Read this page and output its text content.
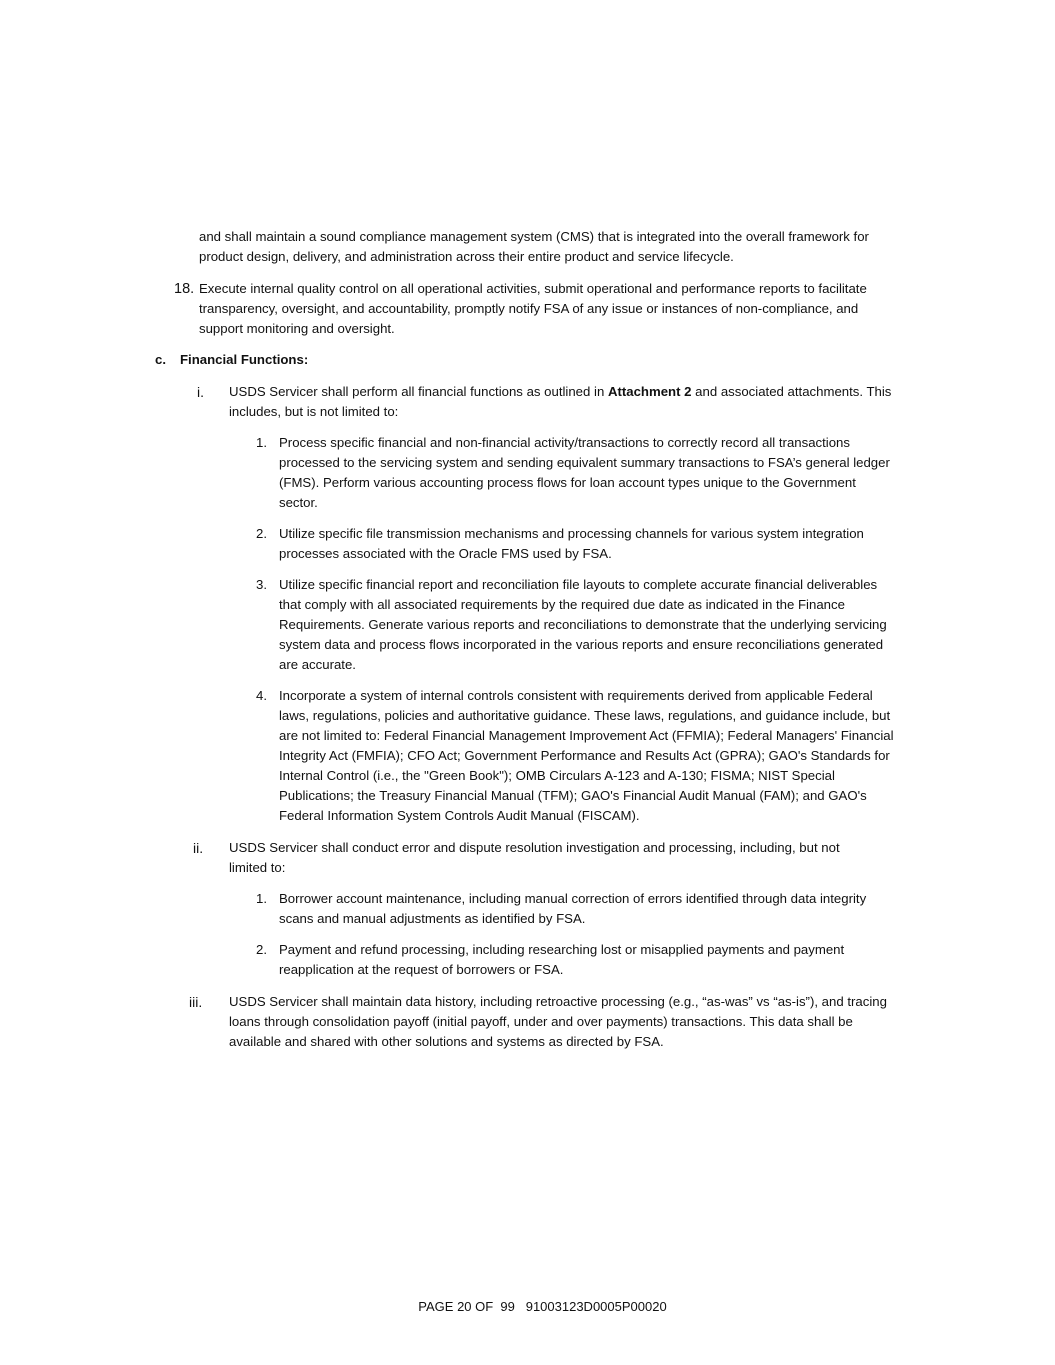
and shall maintain a sound compliance management system (CMS) that is integrated into the overall framework for product design, delivery, and administration across their entire product and service lifecycle.

18. Execute internal quality control on all operational activities, submit operational and performance reports to facilitate transparency, oversight, and accountability, promptly notify FSA of any issue or instances of non-compliance, and support monitoring and oversight.

c. Financial Functions:
i. USDS Servicer shall perform all financial functions as outlined in Attachment 2 and associated attachments. This includes, but is not limited to:

1. Process specific financial and non-financial activity/transactions to correctly record all transactions processed to the servicing system and sending equivalent summary transactions to FSA’s general ledger (FMS). Perform various accounting process flows for loan account types unique to the Government sector.

2. Utilize specific file transmission mechanisms and processing channels for various system integration processes associated with the Oracle FMS used by FSA.

3. Utilize specific financial report and reconciliation file layouts to complete accurate financial deliverables that comply with all associated requirements by the required due date as indicated in the Finance Requirements. Generate various reports and reconciliations to demonstrate that the underlying servicing system data and process flows incorporated in the various reports and ensure reconciliations generated are accurate.

4. Incorporate a system of internal controls consistent with requirements derived from applicable Federal laws, regulations, policies and authoritative guidance. These laws, regulations, and guidance include, but are not limited to: Federal Financial Management Improvement Act (FFMIA); Federal Managers' Financial Integrity Act (FMFIA); CFO Act; Government Performance and Results Act (GPRA); GAO's Standards for Internal Control (i.e., the "Green Book"); OMB Circulars A-123 and A-130; FISMA; NIST Special Publications; the Treasury Financial Manual (TFM); GAO's Financial Audit Manual (FAM); and GAO's Federal Information System Controls Audit Manual (FISCAM).

ii. USDS Servicer shall conduct error and dispute resolution investigation and processing, including, but not limited to:

1. Borrower account maintenance, including manual correction of errors identified through data integrity scans and manual adjustments as identified by FSA.

2. Payment and refund processing, including researching lost or misapplied payments and payment reapplication at the request of borrowers or FSA.

iii. USDS Servicer shall maintain data history, including retroactive processing (e.g., “as-was” vs “as-is”), and tracing loans through consolidation payoff (initial payoff, under and over payments) transactions. This data shall be available and shared with other solutions and systems as directed by FSA.

PAGE 20 OF  99   91003123D0005P00020
